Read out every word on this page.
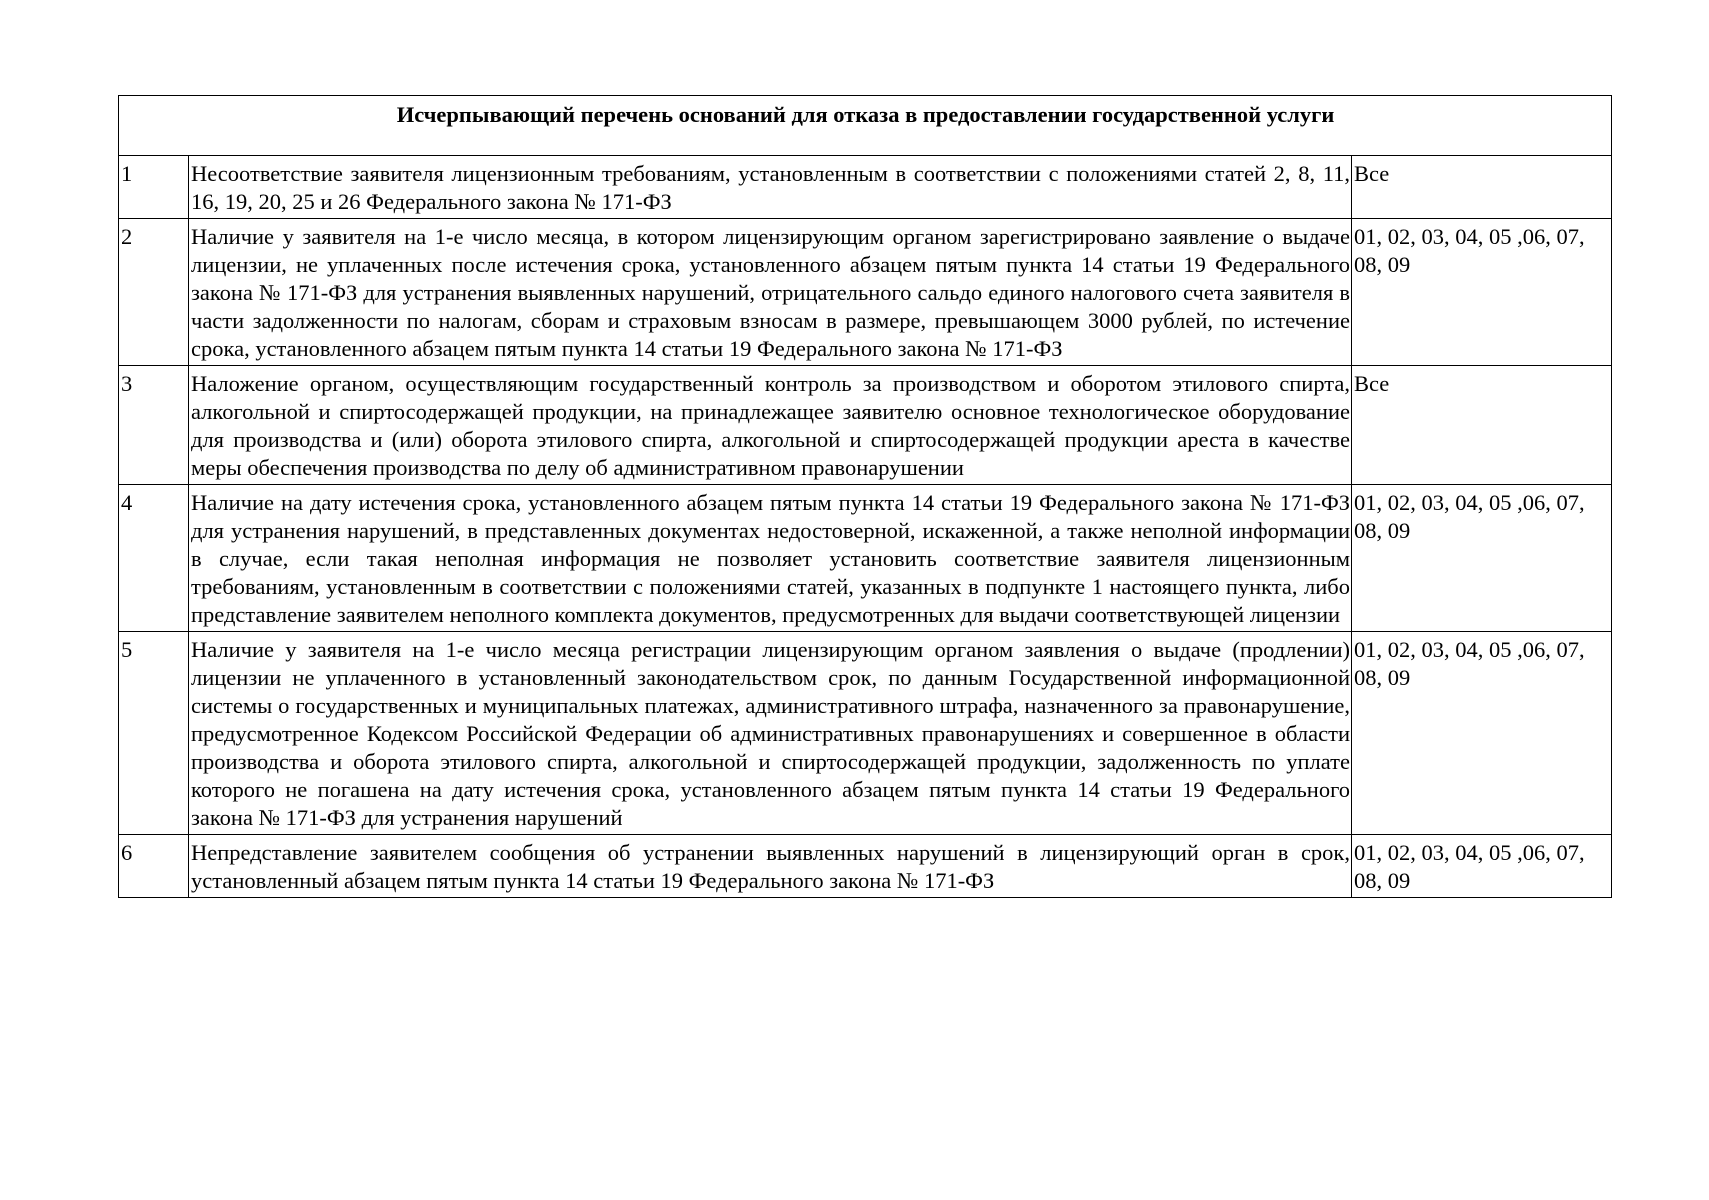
Исчерпывающий перечень оснований для отказа в предоставлении государственной услуги		
1	Несоответствие заявителя лицензионным требованиям, установленным в соответствии с положениями статей 2, 8, 11, 16, 19, 20, 25 и 26 Федерального закона № 171-ФЗ	Все
2	Наличие у заявителя на 1-е число месяца, в котором лицензирующим органом зарегистрировано заявление о выдаче лицензии, не уплаченных после истечения срока, установленного абзацем пятым пункта 14 статьи 19 Федерального закона № 171-ФЗ для устранения выявленных нарушений, отрицательного сальдо единого налогового счета заявителя в части задолженности по налогам, сборам и страховым взносам в размере, превышающем 3000 рублей, по истечение срока, установленного абзацем пятым пункта 14 статьи 19 Федерального закона № 171-ФЗ	01, 02, 03, 04, 05 ,06, 07, 08, 09
3	Наложение органом, осуществляющим государственный контроль за производством и оборотом этилового спирта, алкогольной и спиртосодержащей продукции, на принадлежащее заявителю основное технологическое оборудование для производства и (или) оборота этилового спирта, алкогольной и спиртосодержащей продукции ареста в качестве меры обеспечения производства по делу об административном правонарушении	Все
4	Наличие на дату истечения срока, установленного абзацем пятым пункта 14 статьи 19 Федерального закона № 171-ФЗ для устранения нарушений, в представленных документах недостоверной, искаженной, а также неполной информации в случае, если такая неполная информация не позволяет установить соответствие заявителя лицензионным требованиям, установленным в соответствии с положениями статей, указанных в подпункте 1 настоящего пункта, либо представление заявителем неполного комплекта документов, предусмотренных для выдачи соответствующей лицензии	01, 02, 03, 04, 05 ,06, 07, 08, 09
5	Наличие у заявителя на 1-е число месяца регистрации лицензирующим органом заявления о выдаче (продлении) лицензии не уплаченного в установленный законодательством срок, по данным Государственной информационной системы о государственных и муниципальных платежах, административного штрафа, назначенного за правонарушение, предусмотренное Кодексом Российской Федерации об административных правонарушениях и совершенное в области производства и оборота этилового спирта, алкогольной и спиртосодержащей продукции, задолженность по уплате которого не погашена на дату истечения срока, установленного абзацем пятым пункта 14 статьи 19 Федерального закона № 171-ФЗ для устранения нарушений	01, 02, 03, 04, 05 ,06, 07, 08, 09
6	Непредставление заявителем сообщения об устранении выявленных нарушений в лицензирующий орган в срок, установленный абзацем пятым пункта 14 статьи 19 Федерального закона № 171-ФЗ	01, 02, 03, 04, 05 ,06, 07, 08, 09
